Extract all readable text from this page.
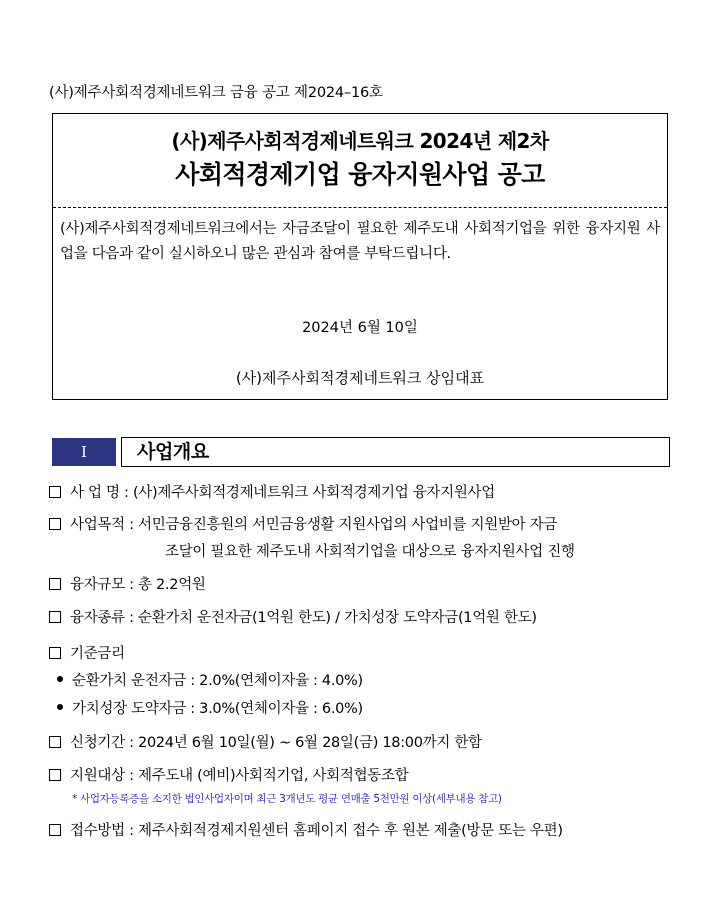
(사)제주사회적경제네트워크 금융 공고 제2024–16호
(사)제주사회적경제네트워크 2024년 제2차
사회적경제기업 융자지원사업 공고
(사)제주사회적경제네트워크에서는 자금조달이 필요한 제주도내 사회적기업을 위한 융자지원 사업을 다음과 같이 실시하오니 많은 관심과 참여를 부탁드립니다.
2024년 6월 10일
(사)제주사회적경제네트워크 상임대표
I	사업개요
사 업 명 : (사)제주사회적경제네트워크 사회적경제기업 융자지원사업
사업목적 : 서민금융진흥원의 서민금융생활 지원사업의 사업비를 지원받아 자금
조달이 필요한 제주도내 사회적기업을 대상으로 융자지원사업 진행
융자규모 : 총 2.2억원
융자종류 : 순환가치 운전자금(1억원 한도) / 가치성장 도약자금(1억원 한도)
기준금리
순환가치 운전자금 : 2.0%(연체이자율 : 4.0%)
가치성장 도약자금 : 3.0%(연체이자율 : 6.0%)
신청기간 : 2024년 6월 10일(월) ~ 6월 28일(금) 18:00까지 한함
지원대상 : 제주도내 (예비)사회적기업, 사회적협동조합
* 사업자등록증을 소지한 법인사업자이며 최근 3개년도 평균 연매출 5천만원 이상(세부내용 참고)
접수방법 : 제주사회적경제지원센터 홈페이지 접수 후 원본 제출(방문 또는 우편)
